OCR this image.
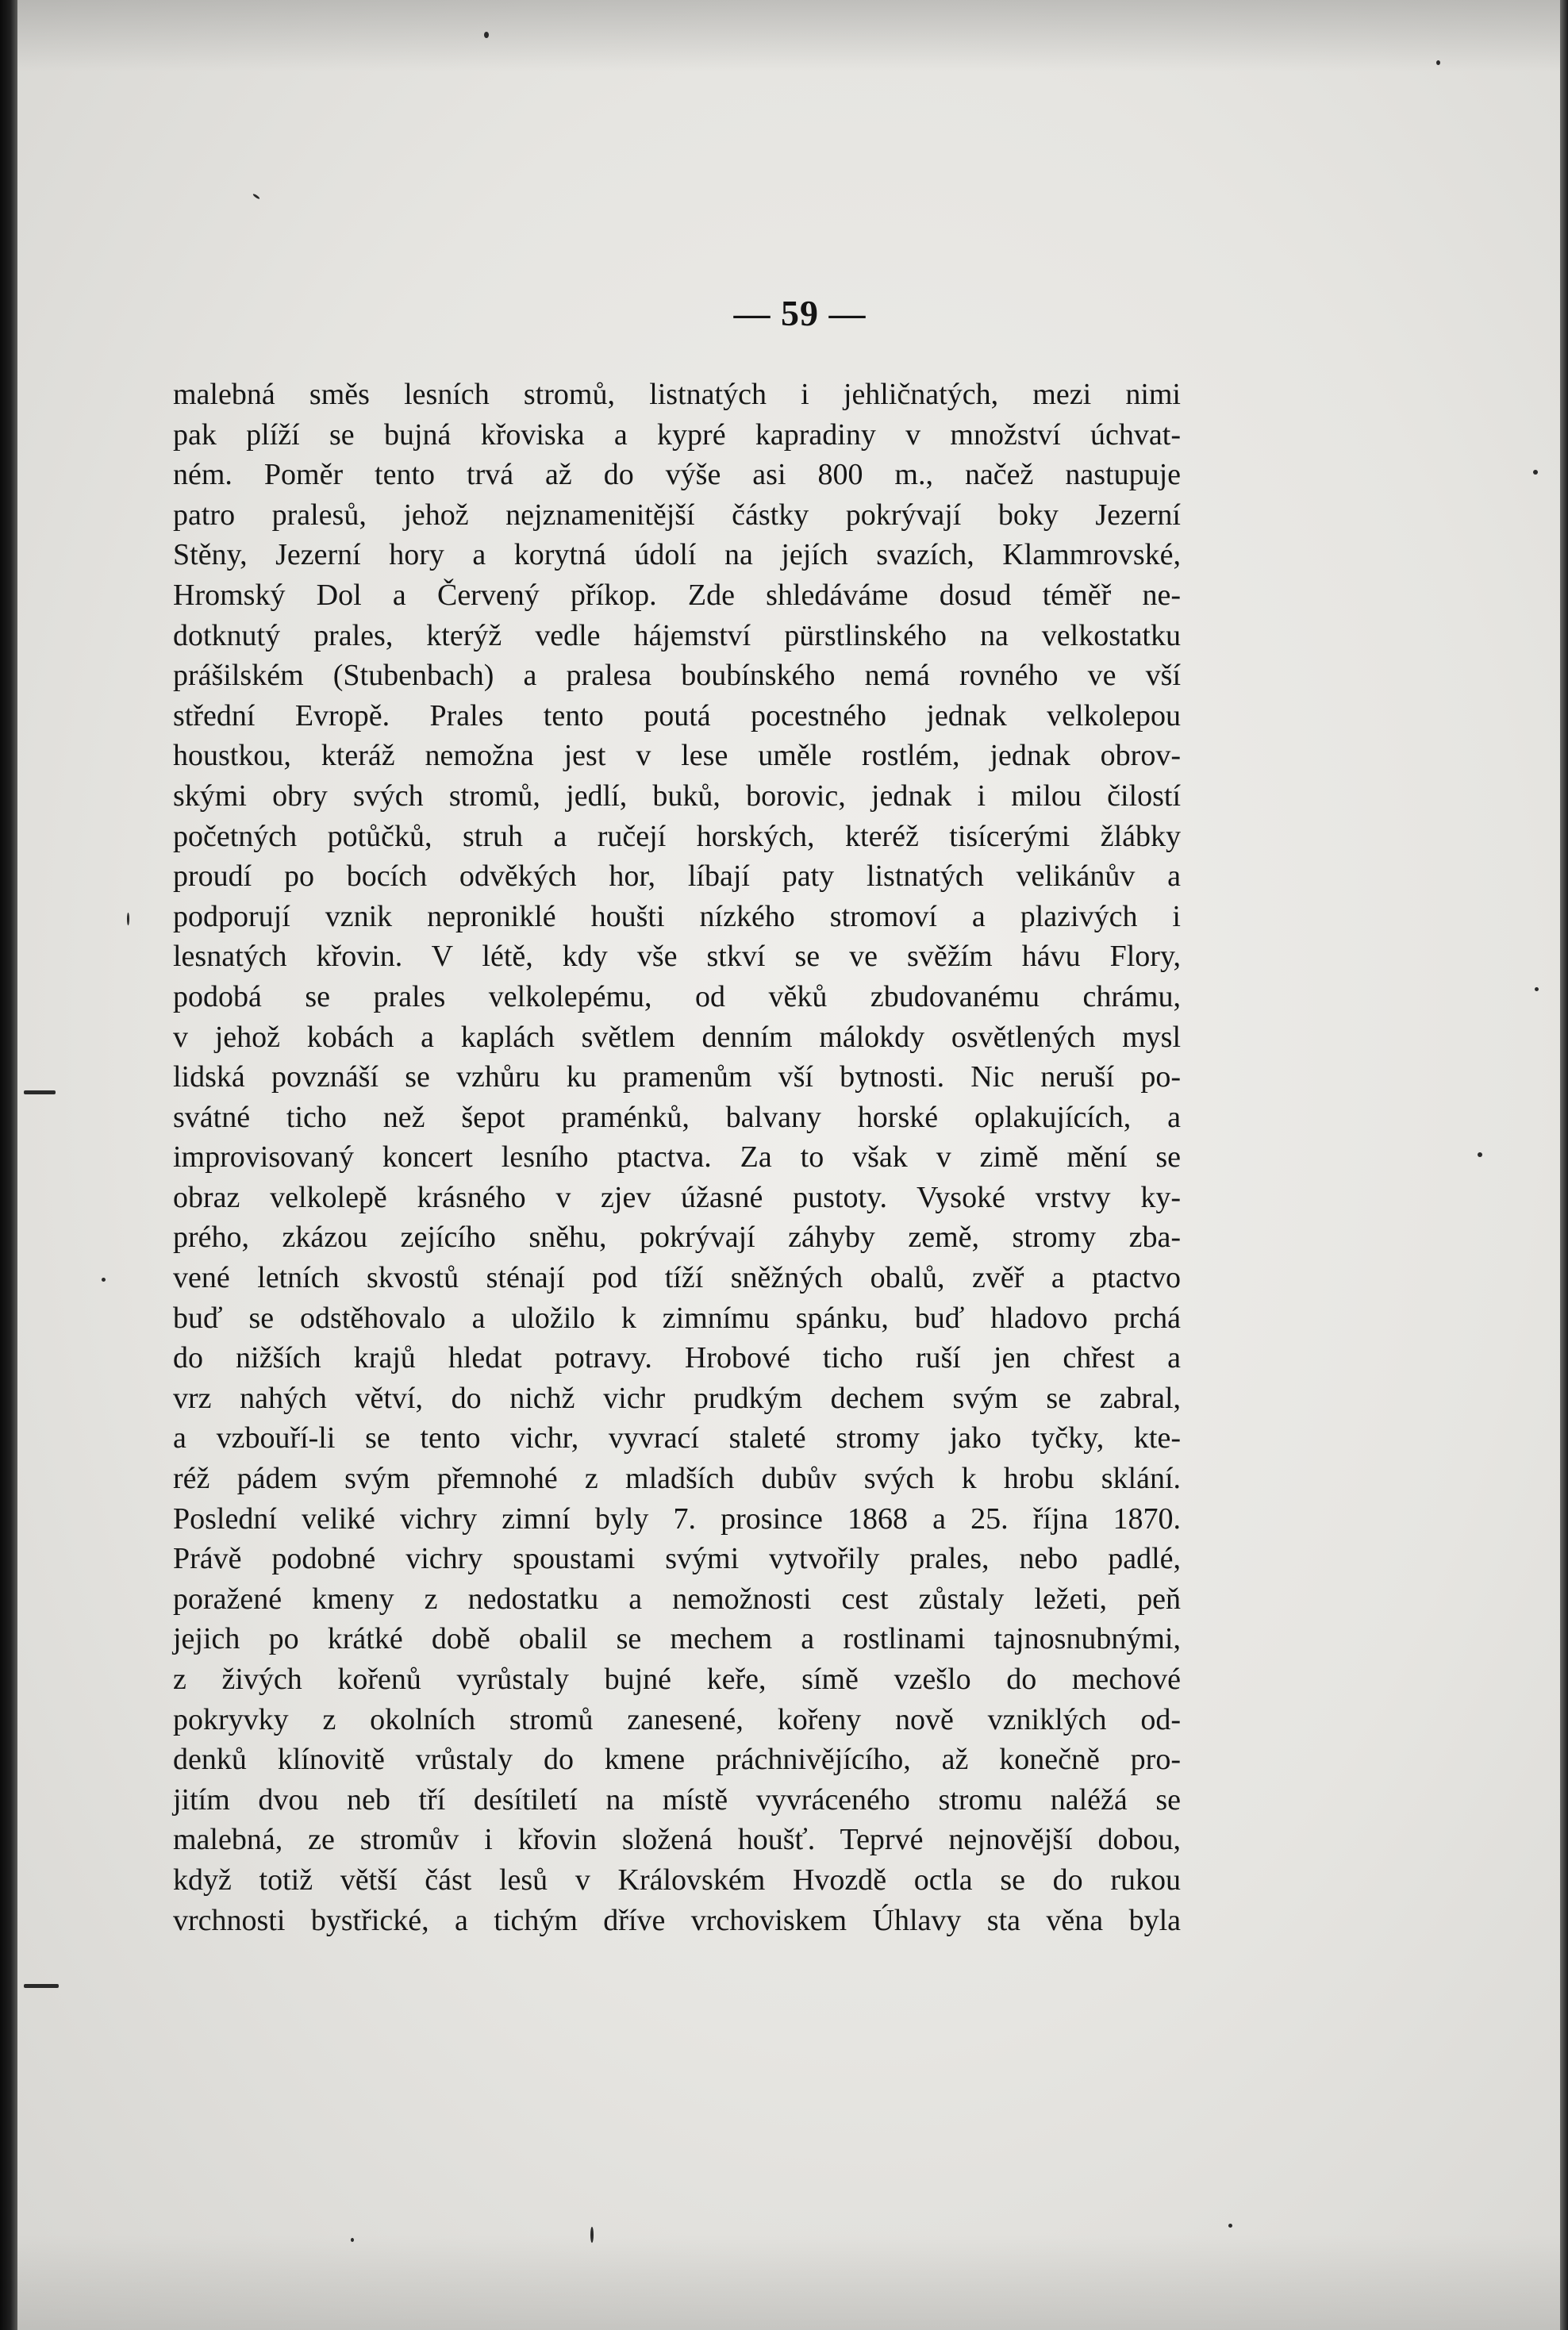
— 59 —
malebná směs lesních stromů, listnatých i jehličnatých, mezi nimi
pak plíží se bujná křoviska a kypré kapradiny v množství úchvat-
ném. Poměr tento trvá až do výše asi 800 m., načež nastupuje
patro pralesů, jehož nejznamenitější částky pokrývají boky Jezerní
Stěny, Jezerní hory a korytná údolí na jejích svazích, Klammrovské,
Hromský Dol a Červený příkop. Zde shledáváme dosud téměř ne-
dotknutý prales, kterýž vedle hájemství pürstlinského na velkostatku
prášilském (Stubenbach) a pralesa boubínského nemá rovného ve vší
střední Evropě. Prales tento poutá pocestného jednak velkolepou
houstkou, kteráž nemožna jest v lese uměle rostlém, jednak obrov-
skými obry svých stromů, jedlí, buků, borovic, jednak i milou čilostí
početných potůčků, struh a ručejí horských, kteréž tisícerými žlábky
proudí po bocích odvěkých hor, líbají paty listnatých velikánův a
podporují vznik neproniklé houšti nízkého stromoví a plazivých i
lesnatých křovin. V létě, kdy vše stkví se ve svěžím hávu Flory,
podobá se prales velkolepému, od věků zbudovanému chrámu,
v jehož kobách a kaplách světlem denním málokdy osvětlených mysl
lidská povznáší se vzhůru ku pramenům vší bytnosti. Nic neruší po-
svátné ticho než šepot praménků, balvany horské oplakujících, a
improvisovaný koncert lesního ptactva. Za to však v zimě mění se
obraz velkolepě krásného v zjev úžasné pustoty. Vysoké vrstvy ky-
prého, zkázou zejícího sněhu, pokrývají záhyby země, stromy zba-
vené letních skvostů sténají pod tíží sněžných obalů, zvěř a ptactvo
buď se odstěhovalo a uložilo k zimnímu spánku, buď hladovo prchá
do nižších krajů hledat potravy. Hrobové ticho ruší jen chřest a
vrz nahých větví, do nichž vichr prudkým dechem svým se zabral,
a vzbouří-li se tento vichr, vyvrací staleté stromy jako tyčky, kte-
réž pádem svým přemnohé z mladších dubův svých k hrobu sklání.
Poslední veliké vichry zimní byly 7. prosince 1868 a 25. října 1870.
Právě podobné vichry spoustami svými vytvořily prales, nebo padlé,
poražené kmeny z nedostatku a nemožnosti cest zůstaly ležeti, peň
jejich po krátké době obalil se mechem a rostlinami tajnosnubnými,
z živých kořenů vyrůstaly bujné keře, símě vzešlo do mechové
pokryvky z okolních stromů zanesené, kořeny nově vzniklých od-
denků klínovitě vrůstaly do kmene práchnivějícího, až konečně pro-
jitím dvou neb tří desítiletí na místě vyvráceného stromu naléžá se
malebná, ze stromův i křovin složená houšť. Teprvé nejnovější dobou,
když totiž větší část lesů v Královském Hvozdě octla se do rukou
vrchnosti bystřické, a tichým dříve vrchoviskem Úhlavy sta věna byla
